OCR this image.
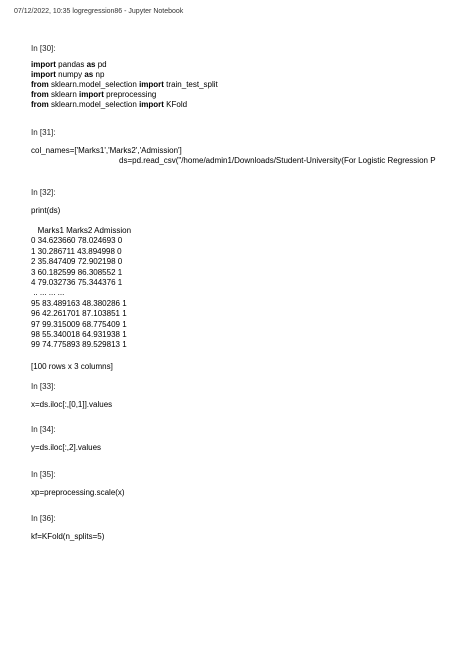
07/12/2022, 10:35 logregression86 - Jupyter Notebook
In [30]:
import pandas as pd
import numpy as np
from sklearn.model_selection import train_test_split
from sklearn import preprocessing
from sklearn.model_selection import KFold
In [31]:
col_names=['Marks1','Marks2','Admission']
ds=pd.read_csv("/home/admin1/Downloads/Student-University(For Logistic Regression P
In [32]:
print(ds)
Marks1 Marks2 Admission
0 34.623660 78.024693 0
1 30.286711 43.894998 0
2 35.847409 72.902198 0
3 60.182599 86.308552 1
4 79.032736 75.344376 1
.. ... ... ...
95 83.489163 48.380286 1
96 42.261701 87.103851 1
97 99.315009 68.775409 1
98 55.340018 64.931938 1
99 74.775893 89.529813 1
[100 rows x 3 columns]
In [33]:
x=ds.iloc[:,[0,1]].values
In [34]:
y=ds.iloc[:,2].values
In [35]:
xp=preprocessing.scale(x)
In [36]:
kf=KFold(n_splits=5)
